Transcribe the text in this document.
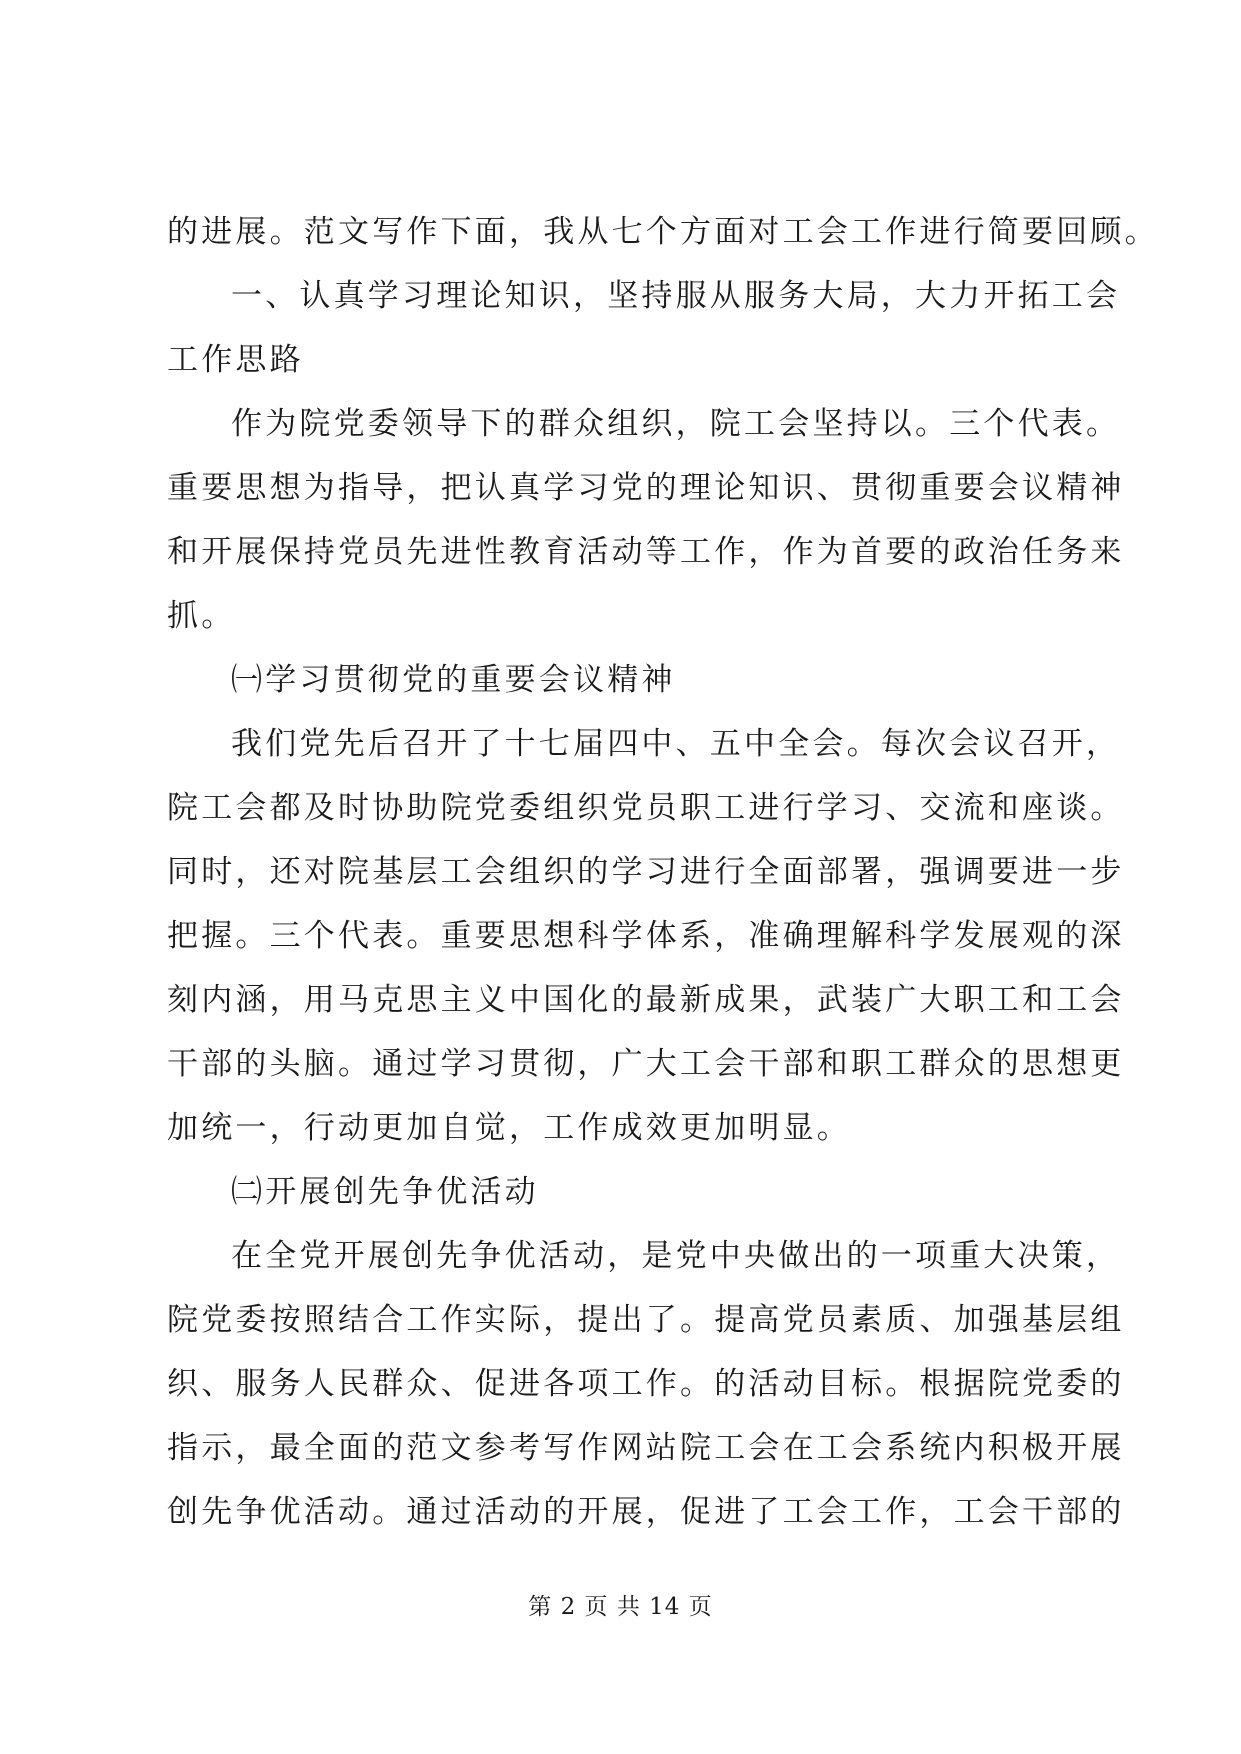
的进展。范文写作下面，我从七个方面对工会工作进行简要回顾。
一、认真学习理论知识，坚持服从服务大局，大力开拓工会
工作思路
作为院党委领导下的群众组织，院工会坚持以。三个代表。
重要思想为指导，把认真学习党的理论知识、贯彻重要会议精神
和开展保持党员先进性教育活动等工作，作为首要的政治任务来
抓。
㈠学习贯彻党的重要会议精神
我们党先后召开了十七届四中、五中全会。每次会议召开，
院工会都及时协助院党委组织党员职工进行学习、交流和座谈。
同时，还对院基层工会组织的学习进行全面部署，强调要进一步
把握。三个代表。重要思想科学体系，准确理解科学发展观的深
刻内涵，用马克思主义中国化的最新成果，武装广大职工和工会
干部的头脑。通过学习贯彻，广大工会干部和职工群众的思想更
加统一，行动更加自觉，工作成效更加明显。
㈡开展创先争优活动
在全党开展创先争优活动，是党中央做出的一项重大决策，
院党委按照结合工作实际，提出了。提高党员素质、加强基层组
织、服务人民群众、促进各项工作。的活动目标。根据院党委的
指示，最全面的范文参考写作网站院工会在工会系统内积极开展
创先争优活动。通过活动的开展，促进了工会工作，工会干部的
第 2 页 共 14 页
